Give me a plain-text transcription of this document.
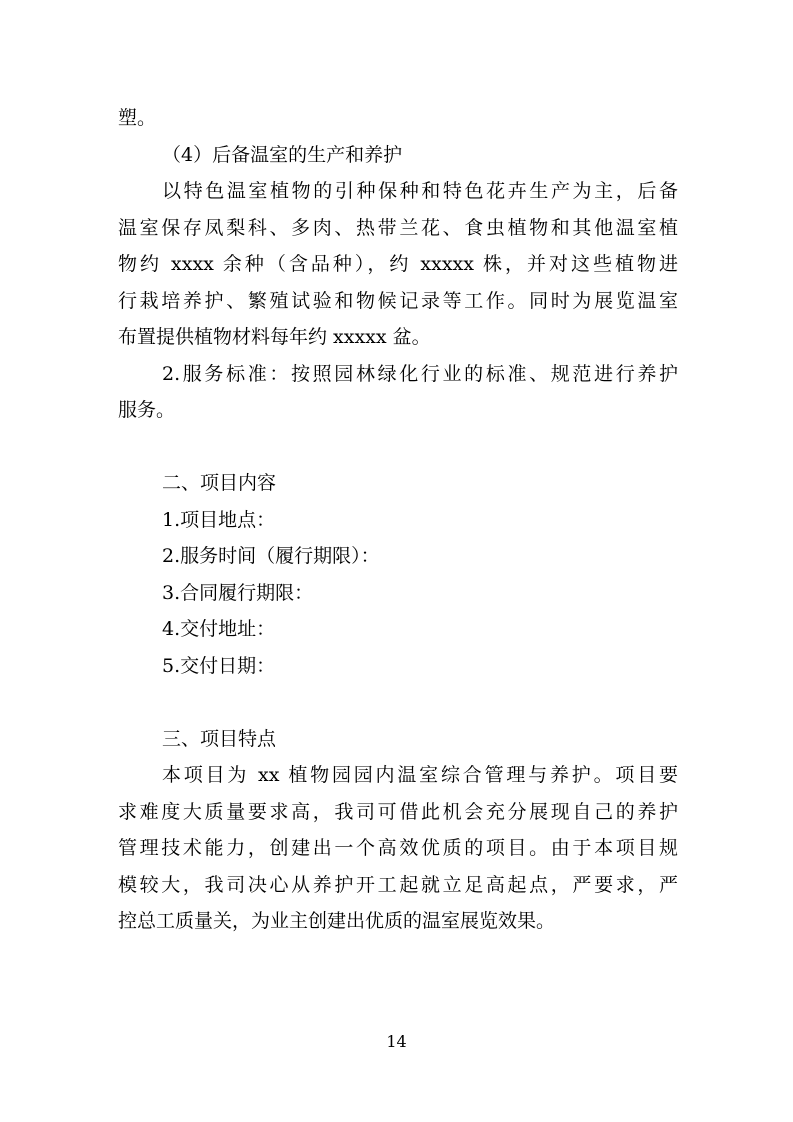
塑。
（4）后备温室的生产和养护
以特色温室植物的引种保种和特色花卉生产为主，后备
温室保存凤梨科、多肉、热带兰花、食虫植物和其他温室植
物约 xxxx 余种（含品种），约 xxxxx 株，并对这些植物进
行栽培养护、繁殖试验和物候记录等工作。同时为展览温室
布置提供植物材料每年约 xxxxx 盆。
2.服务标准：按照园林绿化行业的标准、规范进行养护
服务。
二、项目内容
1.项目地点：
2.服务时间（履行期限）：
3.合同履行期限：
4.交付地址：
5.交付日期：
三、项目特点
本项目为 xx 植物园园内温室综合管理与养护。项目要
求难度大质量要求高，我司可借此机会充分展现自己的养护
管理技术能力，创建出一个高效优质的项目。由于本项目规
模较大，我司决心从养护开工起就立足高起点，严要求，严
控总工质量关，为业主创建出优质的温室展览效果。
14
